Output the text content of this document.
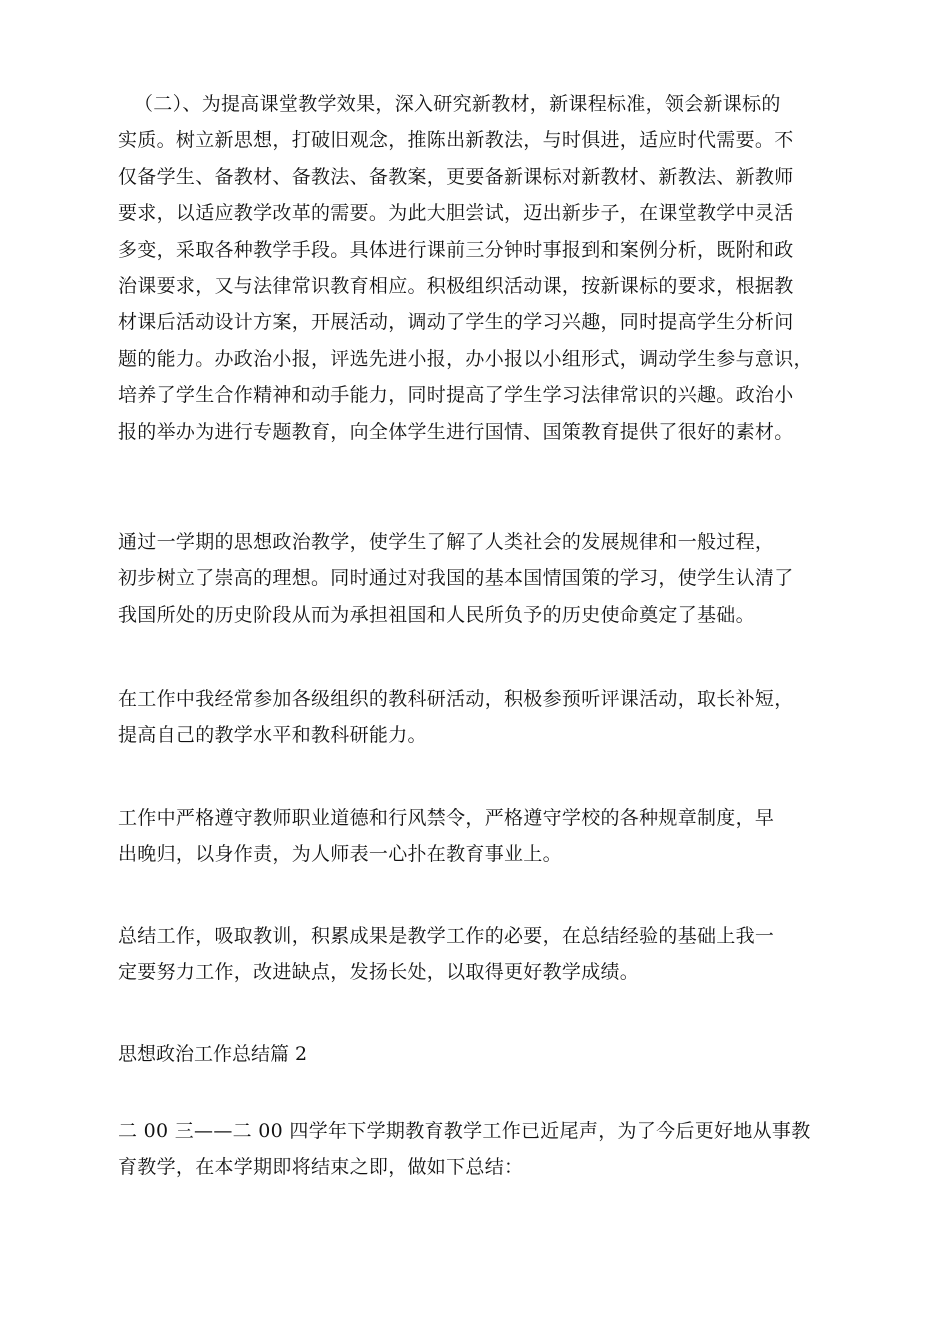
（二）、为提高课堂教学效果，深入研究新教材，新课程标准，领会新课标的
实质。树立新思想，打破旧观念，推陈出新教法，与时俱进，适应时代需要。不
仅备学生、备教材、备教法、备教案，更要备新课标对新教材、新教法、新教师
要求，以适应教学改革的需要。为此大胆尝试，迈出新步子，在课堂教学中灵活
多变，采取各种教学手段。具体进行课前三分钟时事报到和案例分析，既附和政
治课要求，又与法律常识教育相应。积极组织活动课，按新课标的要求，根据教
材课后活动设计方案，开展活动，调动了学生的学习兴趣，同时提高学生分析问
题的能力。办政治小报，评选先进小报，办小报以小组形式，调动学生参与意识，
培养了学生合作精神和动手能力，同时提高了学生学习法律常识的兴趣。政治小
报的举办为进行专题教育，向全体学生进行国情、国策教育提供了很好的素材。
通过一学期的思想政治教学，使学生了解了人类社会的发展规律和一般过程，
初步树立了崇高的理想。同时通过对我国的基本国情国策的学习，使学生认清了
我国所处的历史阶段从而为承担祖国和人民所负予的历史使命奠定了基础。
在工作中我经常参加各级组织的教科研活动，积极参预听评课活动，取长补短，
提高自己的教学水平和教科研能力。
工作中严格遵守教师职业道德和行风禁令，严格遵守学校的各种规章制度，早
出晚归，以身作责，为人师表一心扑在教育事业上。
总结工作，吸取教训，积累成果是教学工作的必要，在总结经验的基础上我一
定要努力工作，改进缺点，发扬长处，以取得更好教学成绩。
思想政治工作总结篇 2
二 00 三——二 00 四学年下学期教育教学工作已近尾声，为了今后更好地从事教
育教学，在本学期即将结束之即，做如下总结：
